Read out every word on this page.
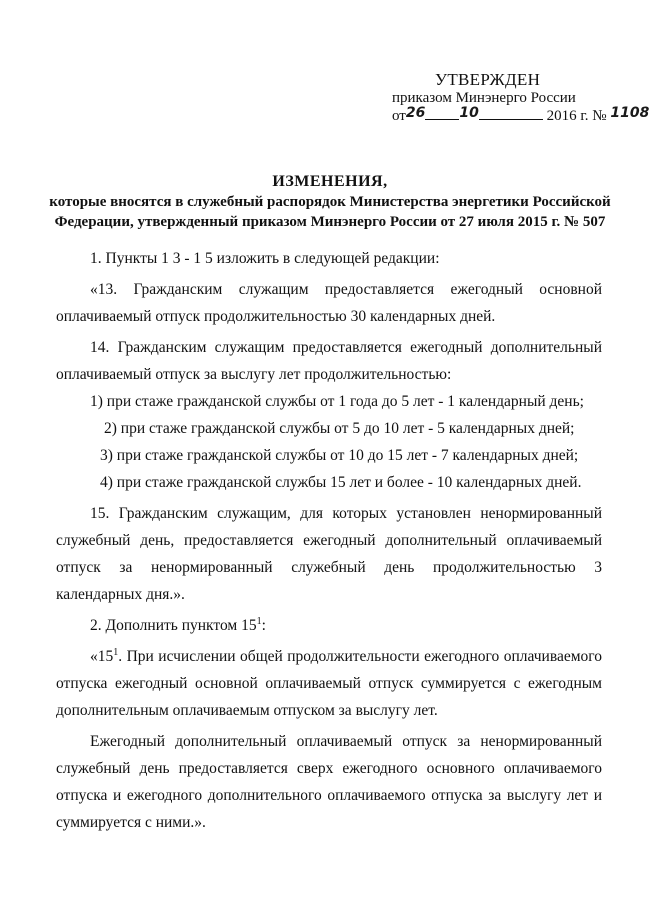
УТВЕРЖДЕН
приказом Минэнерго России
от26 10	2016 г. № 1108
ИЗМЕНЕНИЯ,
которые вносятся в служебный распорядок Министерства энергетики Российской
Федерации, утвержденный приказом Минэнерго России от 27 июля 2015 г. № 507

1. Пункты 1 3 - 1 5 изложить в следующей редакции:

«13. Гражданским служащим предоставляется ежегодный основной оплачиваемый отпуск продолжительностью 30 календарных дней.

14. Гражданским служащим предоставляется ежегодный дополнительный оплачиваемый отпуск за выслугу лет продолжительностью:

1) при стаже гражданской службы от 1 года до 5 лет - 1 календарный день;

2) при стаже гражданской службы от 5 до 10 лет - 5 календарных дней;

3) при стаже гражданской службы от 10 до 15 лет - 7 календарных дней;

4) при стаже гражданской службы 15 лет и более - 10 календарных дней.

15. Гражданским служащим, для которых установлен ненормированный служебный день, предоставляется ежегодный дополнительный оплачиваемый отпуск за ненормированный служебный день продолжительностью 3 календарных дня.».

2. Дополнить пунктом $15^1$:

«$15^1$. При исчислении общей продолжительности ежегодного оплачиваемого отпуска ежегодный основной оплачиваемый отпуск суммируется с ежегодным дополнительным оплачиваемым отпуском за выслугу лет.

Ежегодный дополнительный оплачиваемый отпуск за ненормированный служебный день предоставляется сверх ежегодного основного оплачиваемого отпуска и ежегодного дополнительного оплачиваемого отпуска за выслугу лет и суммируется с ними.».
